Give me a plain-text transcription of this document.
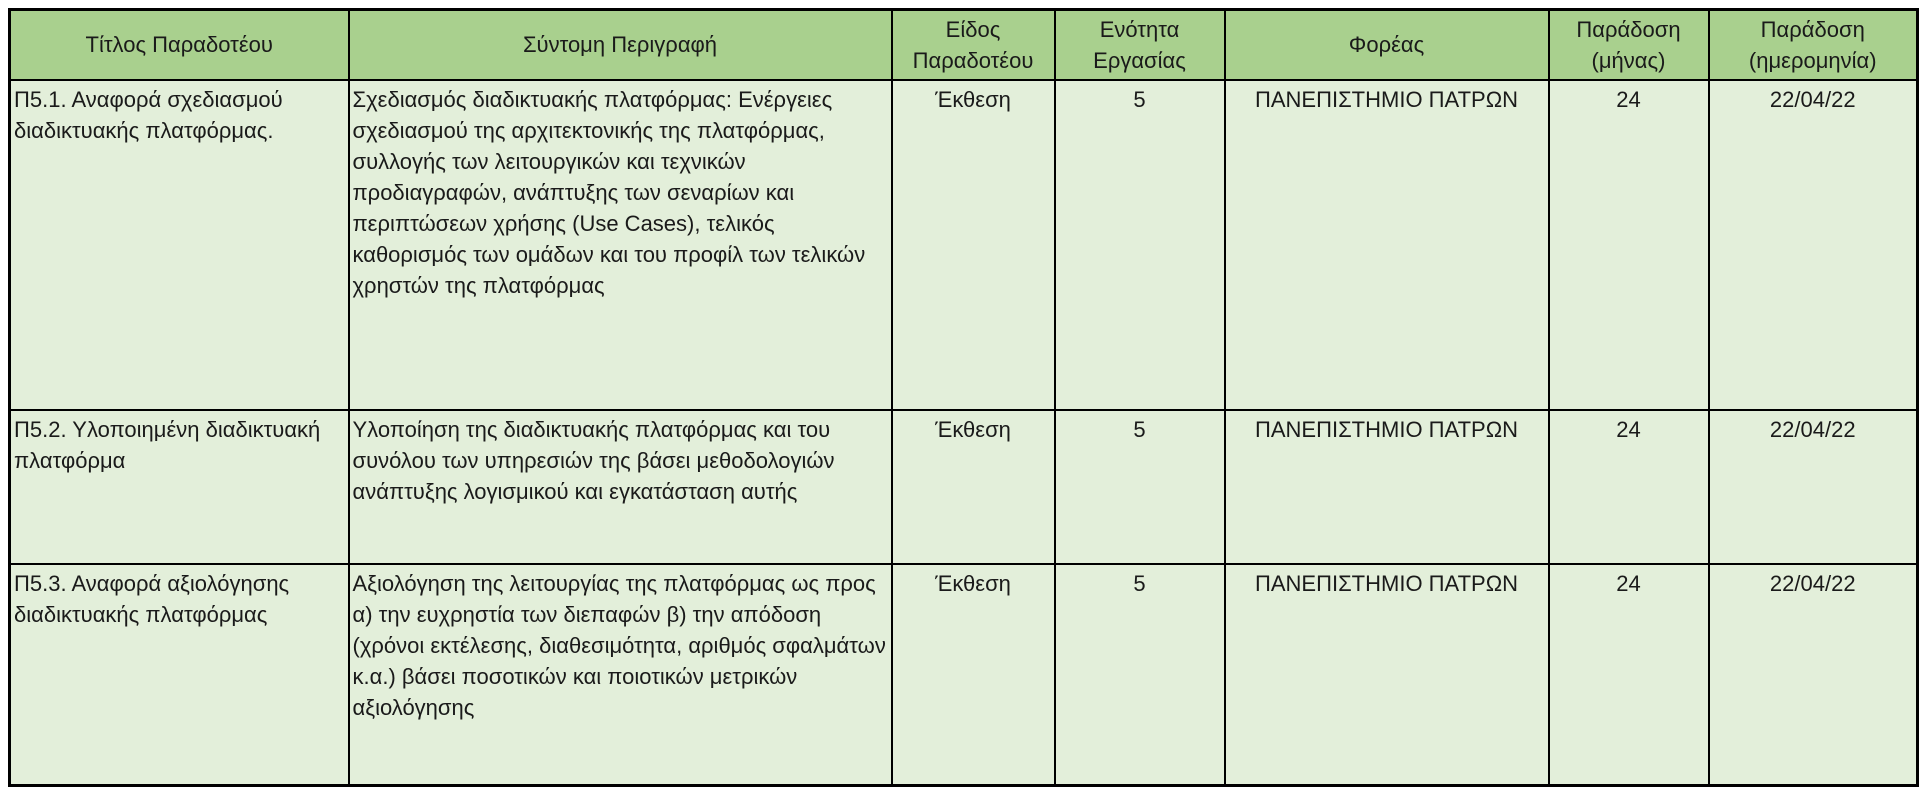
Τίτλος Παραδοτέου	Σύντομη Περιγραφή	Είδος Παραδοτέου	Ενότητα Εργασίας	Φορέας	Παράδοση (μήνας)	Παράδοση (ημερομηνία)
Π5.1. Αναφορά σχεδιασμού διαδικτυακής πλατφόρμας.	Σχεδιασμός διαδικτυακής πλατφόρμας: Ενέργειες σχεδιασμού της αρχιτεκτονικής της πλατφόρμας, συλλογής των λειτουργικών και τεχνικών προδιαγραφών, ανάπτυξης των σεναρίων και περιπτώσεων χρήσης (Use Cases), τελικός καθορισμός των ομάδων και του προφίλ των τελικών χρηστών της πλατφόρμας	Έκθεση	5	ΠΑΝΕΠΙΣΤΗΜΙΟ ΠΑΤΡΩΝ	24	22/04/22
Π5.2. Υλοποιημένη διαδικτυακή πλατφόρμα	Υλοποίηση της διαδικτυακής πλατφόρμας και του συνόλου των υπηρεσιών της βάσει μεθοδολογιών ανάπτυξης λογισμικού και εγκατάσταση αυτής	Έκθεση	5	ΠΑΝΕΠΙΣΤΗΜΙΟ ΠΑΤΡΩΝ	24	22/04/22
Π5.3. Αναφορά αξιολόγησης διαδικτυακής πλατφόρμας	Αξιολόγηση της λειτουργίας της πλατφόρμας ως προς α) την ευχρηστία των διεπαφών β) την απόδοση (χρόνοι εκτέλεσης, διαθεσιμότητα, αριθμός σφαλμάτων κ.α.) βάσει ποσοτικών και ποιοτικών μετρικών αξιολόγησης	Έκθεση	5	ΠΑΝΕΠΙΣΤΗΜΙΟ ΠΑΤΡΩΝ	24	22/04/22
